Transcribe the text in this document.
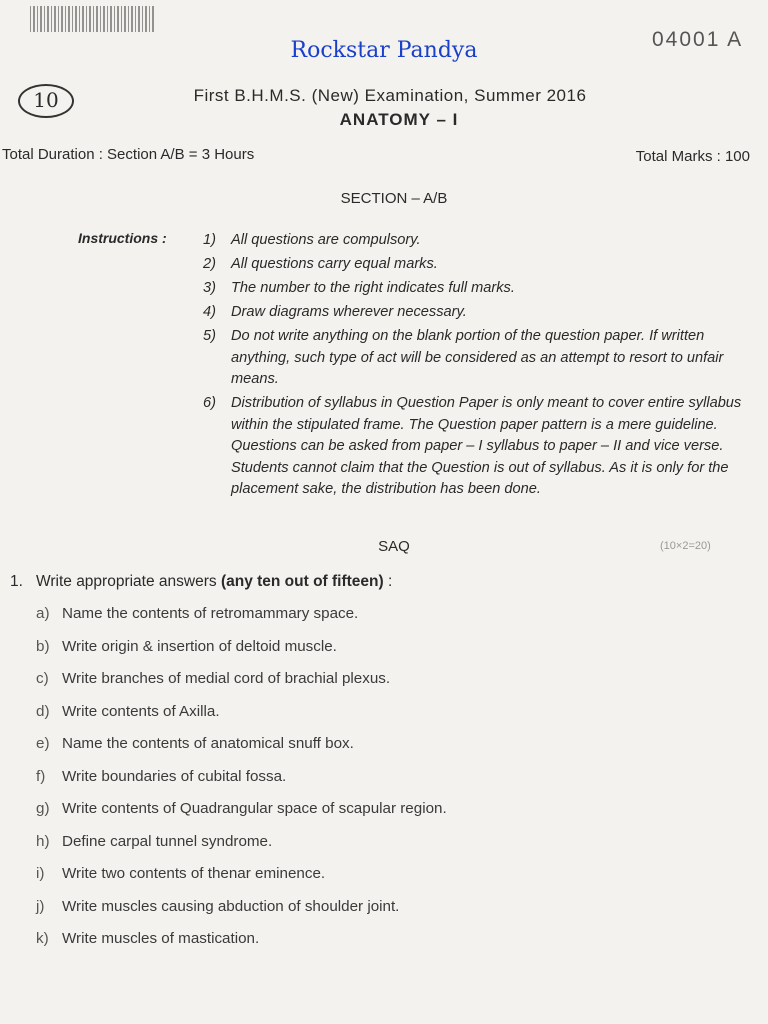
04001 A
Rockstar Pandya
10	First B.H.M.S. (New) Examination, Summer 2016
ANATOMY – I
Total Duration : Section A/B = 3 Hours	Total Marks : 100
SECTION – A/B
Instructions : 1) All questions are compulsory.
2) All questions carry equal marks.
3) The number to the right indicates full marks.
4) Draw diagrams wherever necessary.
5) Do not write anything on the blank portion of the question paper. If written anything, such type of act will be considered as an attempt to resort to unfair means.
6) Distribution of syllabus in Question Paper is only meant to cover entire syllabus within the stipulated frame. The Question paper pattern is a mere guideline. Questions can be asked from paper – I syllabus to paper – II and vice verse. Students cannot claim that the Question is out of syllabus. As it is only for the placement sake, the distribution has been done.
SAQ	(10×2=20)
1. Write appropriate answers (any ten out of fifteen) :
a) Name the contents of retromammary space.
b) Write origin & insertion of deltoid muscle.
c) Write branches of medial cord of brachial plexus.
d) Write contents of Axilla.
e) Name the contents of anatomical snuff box.
f) Write boundaries of cubital fossa.
g) Write contents of Quadrangular space of scapular region.
h) Define carpal tunnel syndrome.
i) Write two contents of thenar eminence.
j) Write muscles causing abduction of shoulder joint.
k) Write muscles of mastication.
